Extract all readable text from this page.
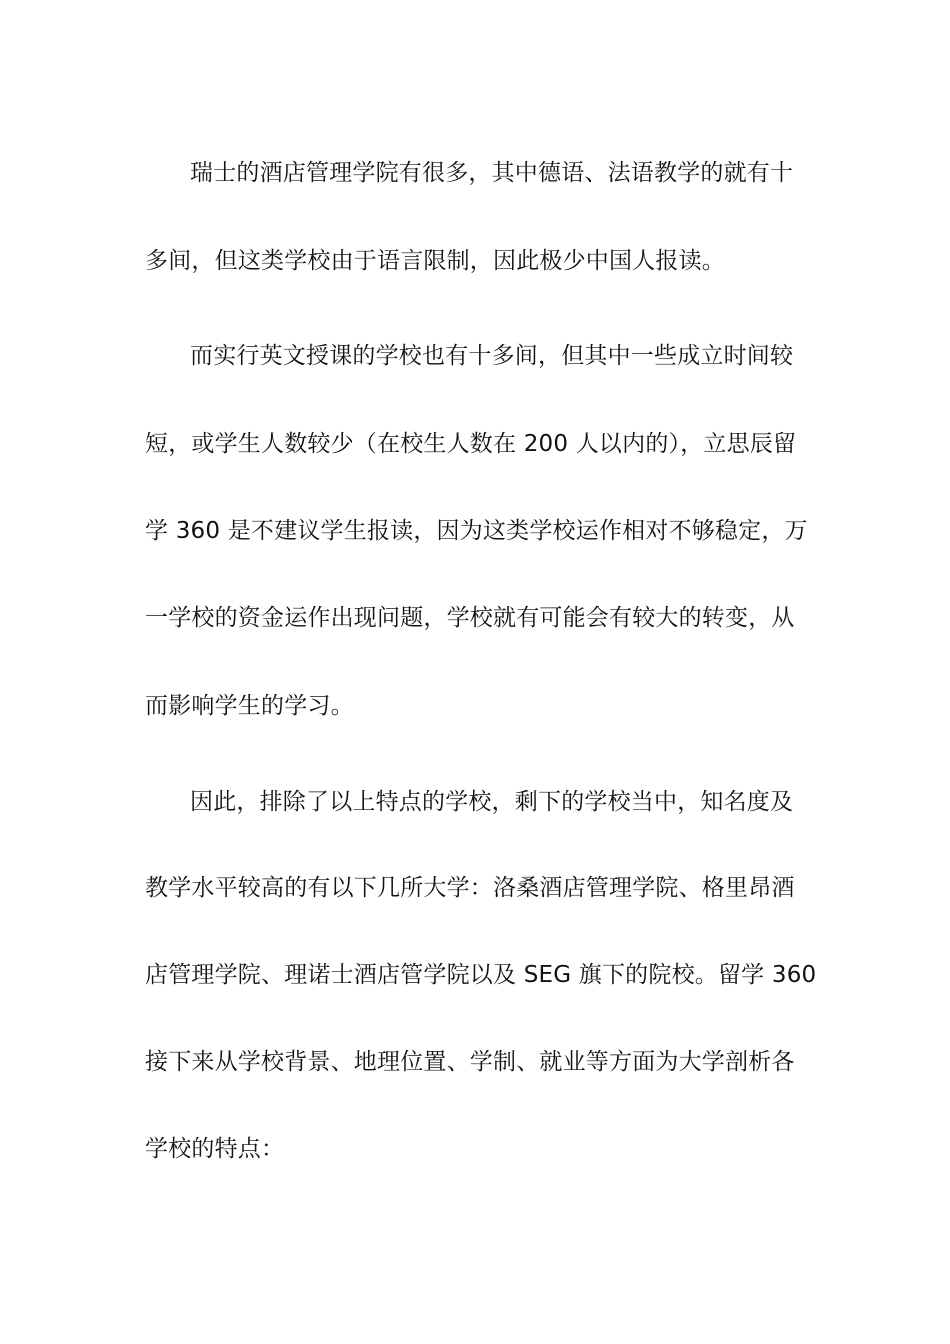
瑞士的酒店管理学院有很多，其中德语、法语教学的就有十
多间，但这类学校由于语言限制，因此极少中国人报读。
而实行英文授课的学校也有十多间，但其中一些成立时间较
短，或学生人数较少（在校生人数在 200 人以内的），立思辰留
学 360 是不建议学生报读，因为这类学校运作相对不够稳定，万
一学校的资金运作出现问题，学校就有可能会有较大的转变，从
而影响学生的学习。
因此，排除了以上特点的学校，剩下的学校当中，知名度及
教学水平较高的有以下几所大学：洛桑酒店管理学院、格里昂酒
店管理学院、理诺士酒店管学院以及 SEG 旗下的院校。留学 360
接下来从学校背景、地理位置、学制、就业等方面为大学剖析各
学校的特点：
